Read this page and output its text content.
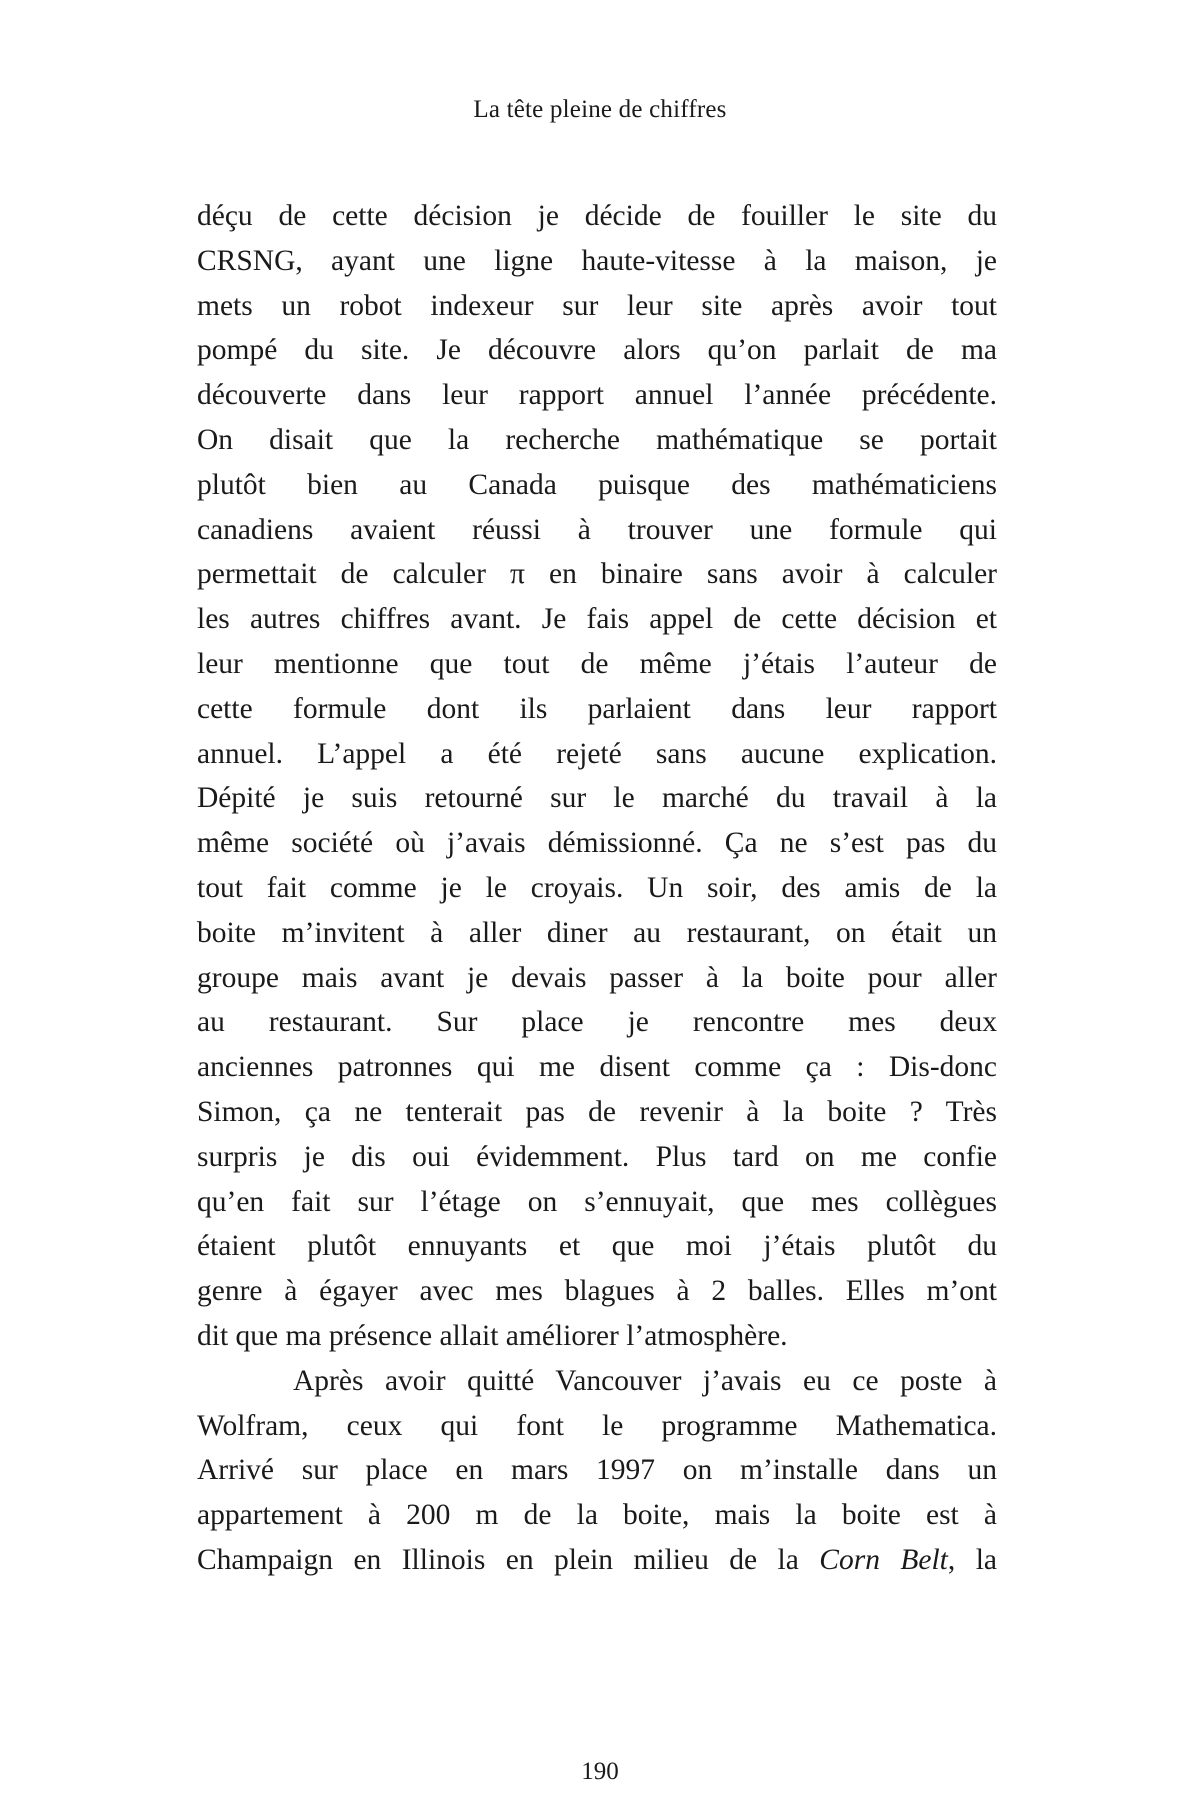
La tête pleine de chiffres

déçu de cette décision je décide de fouiller le site du
CRSNG, ayant une ligne haute-vitesse à la maison, je
mets un robot indexeur sur leur site après avoir tout
pompé du site. Je découvre alors qu’on parlait de ma
découverte dans leur rapport annuel l’année précédente.
On disait que la recherche mathématique se portait
plutôt bien au Canada puisque des mathématiciens
canadiens avaient réussi à trouver une formule qui
permettait de calculer π en binaire sans avoir à calculer
les autres chiffres avant. Je fais appel de cette décision et
leur mentionne que tout de même j’étais l’auteur de
cette formule dont ils parlaient dans leur rapport
annuel. L’appel a été rejeté sans aucune explication.
Dépité je suis retourné sur le marché du travail à la
même société où j’avais démissionné. Ça ne s’est pas du
tout fait comme je le croyais. Un soir, des amis de la
boite m’invitent à aller diner au restaurant, on était un
groupe mais avant je devais passer à la boite pour aller
au restaurant. Sur place je rencontre mes deux
anciennes patronnes qui me disent comme ça : Dis-donc
Simon, ça ne tenterait pas de revenir à la boite ? Très
surpris je dis oui évidemment. Plus tard on me confie
qu’en fait sur l’étage on s’ennuyait, que mes collègues
étaient plutôt ennuyants et que moi j’étais plutôt du
genre à égayer avec mes blagues à 2 balles. Elles m’ont
dit que ma présence allait améliorer l’atmosphère.

Après avoir quitté Vancouver j’avais eu ce poste à
Wolfram, ceux qui font le programme Mathematica.
Arrivé sur place en mars 1997 on m’installe dans un
appartement à 200 m de la boite, mais la boite est à
Champaign en Illinois en plein milieu de la Corn Belt, la

190
